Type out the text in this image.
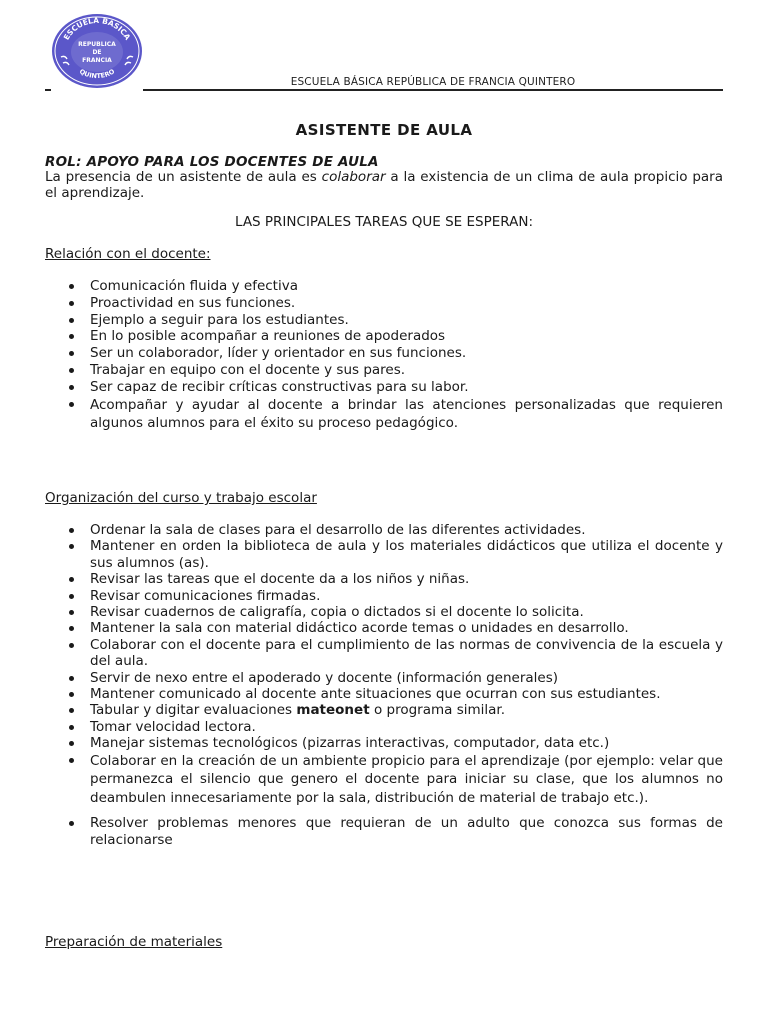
ESCUELA BASICA
REPUBLICA
DE
FRANCIA
QUINTERO
ESCUELA BÁSICA REPÚBLICA DE FRANCIA QUINTERO
ASISTENTE DE AULA
ROL: APOYO PARA LOS DOCENTES DE AULA
La presencia de un asistente de aula es colaborar a la existencia de un clima de aula propicio para el aprendizaje.
LAS PRINCIPALES TAREAS QUE SE ESPERAN:
Relación con el docente:
Comunicación fluida y efectiva
Proactividad en sus funciones.
Ejemplo a seguir para los estudiantes.
En lo posible acompañar a reuniones de apoderados
Ser un colaborador, líder y orientador en sus funciones.
Trabajar en equipo con el docente y sus pares.
Ser capaz de recibir críticas constructivas para su labor.
Acompañar y ayudar al docente a brindar las atenciones personalizadas que requieren algunos alumnos para el éxito su proceso pedagógico.
Organización del curso y trabajo escolar
Ordenar la sala de clases para el desarrollo de las diferentes actividades.
Mantener en orden la biblioteca de aula y los materiales didácticos que utiliza el docente y sus alumnos (as).
Revisar las tareas que el docente da a los niños y niñas.
Revisar comunicaciones firmadas.
Revisar cuadernos de caligrafía, copia o dictados si el docente lo solicita.
Mantener la sala con material didáctico acorde temas o unidades en desarrollo.
Colaborar con el docente para el cumplimiento de las normas de convivencia de la escuela y del aula.
Servir de nexo entre el apoderado y docente (información generales)
Mantener comunicado al docente ante situaciones que ocurran con sus estudiantes.
Tabular y digitar evaluaciones mateonet o programa similar.
Tomar velocidad lectora.
Manejar sistemas tecnológicos (pizarras interactivas, computador, data etc.)
Colaborar en la creación de un ambiente propicio para el aprendizaje (por ejemplo: velar que permanezca el silencio que genero el docente para iniciar su clase, que los alumnos no deambulen innecesariamente por la sala, distribución de material de trabajo etc.).
Resolver problemas menores que requieran de un adulto que conozca sus formas de relacionarse
Preparación de materiales
